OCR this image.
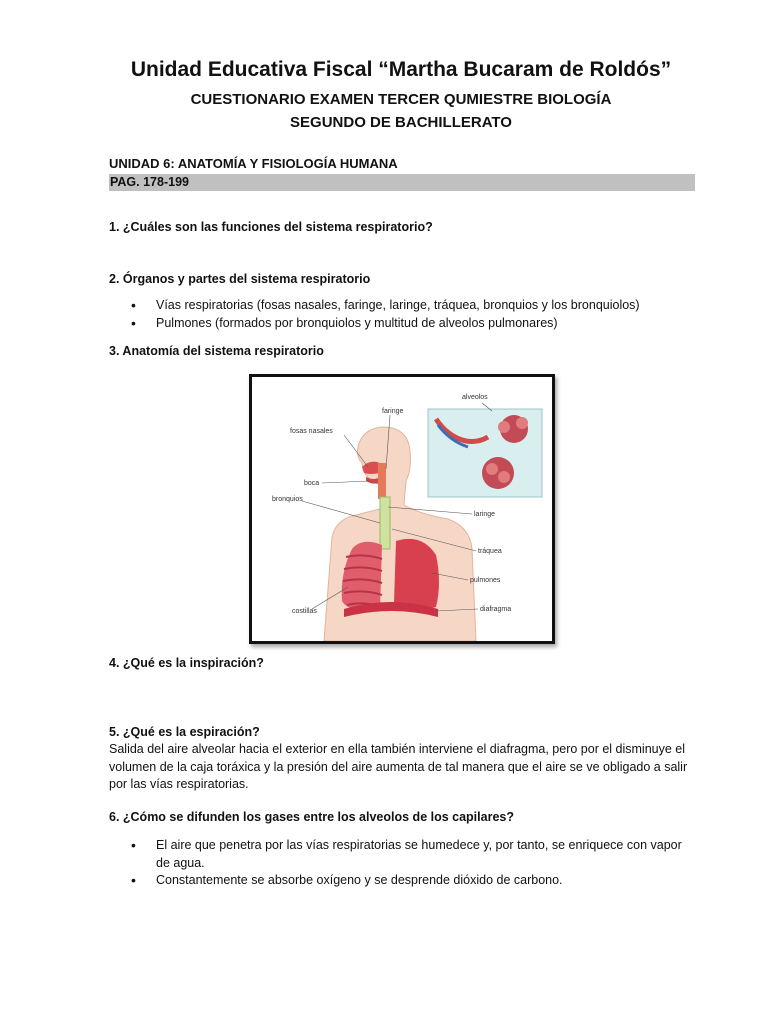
Unidad Educativa Fiscal “Martha Bucaram de Roldós”
CUESTIONARIO EXAMEN TERCER QUMIESTRE BIOLOGÍA
SEGUNDO DE BACHILLERATO
UNIDAD 6: ANATOMÍA Y FISIOLOGÍA HUMANA
PAG. 178-199
1. ¿Cuáles son las funciones del sistema respiratorio?
2. Órganos y partes del sistema respiratorio
• Vías respiratorias (fosas nasales, faringe, laringe, tráquea, bronquios y los bronquiolos)
• Pulmones (formados por bronquiolos y multitud de alveolos pulmonares)
3. Anatomía del sistema respiratorio
alveolos
faringe
fosas nasales
boca
bronquios
laringe
tráquea
pulmones
costillas	diafragma
4. ¿Qué es la inspiración?
5. ¿Qué es la espiración?
Salida del aire alveolar hacia el exterior en ella también interviene el diafragma, pero por el disminuye el volumen de la caja toráxica y la presión del aire aumenta de tal manera que el aire se ve obligado a salir por las vías respiratorias.
6. ¿Cómo se difunden los gases entre los alveolos de los capilares?
• El aire que penetra por las vías respiratorias se humedece y, por tanto, se enriquece con vapor de agua.
• Constantemente se absorbe oxígeno y se desprende dióxido de carbono.
